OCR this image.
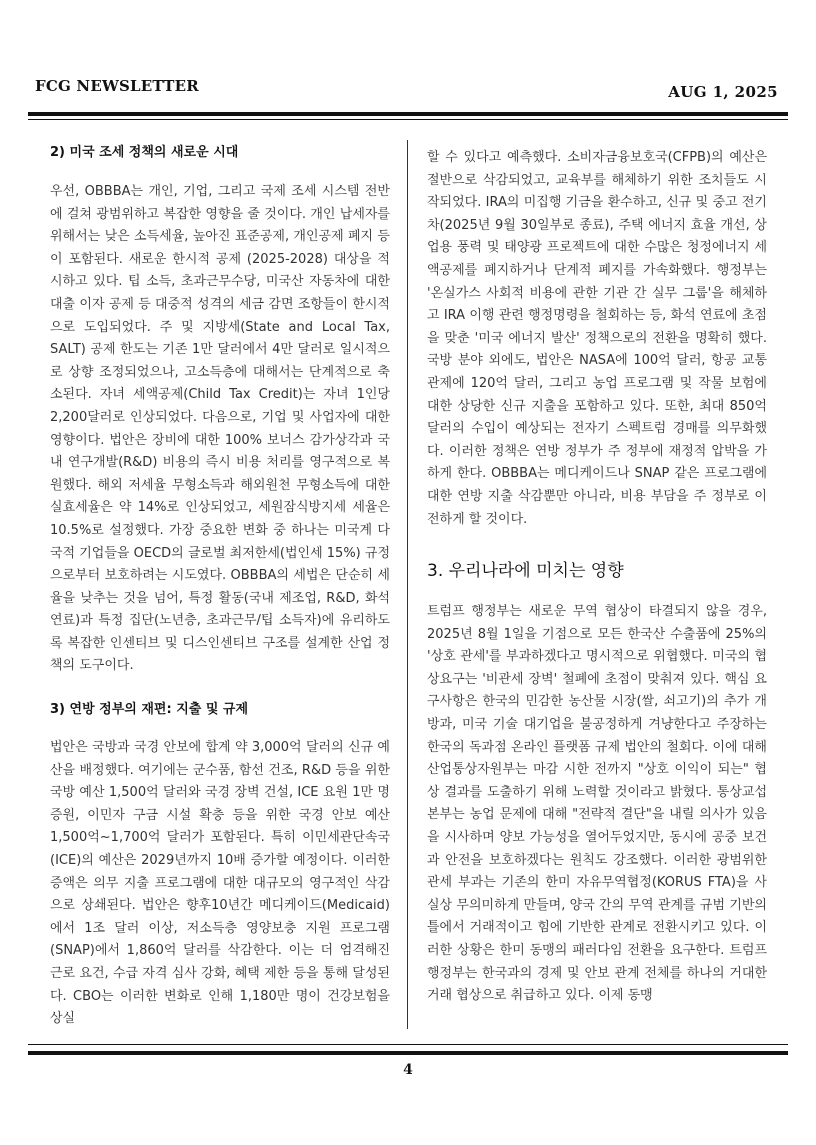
FCG NEWSLETTER	AUG 1, 2025

2) 미국 조세 정책의 새로운 시대

우선, OBBBA는 개인, 기업, 그리고 국제 조세 시스템 전반에 걸쳐 광범위하고 복잡한 영향을 줄 것이다. 개인 납세자를 위해서는 낮은 소득세율, 높아진 표준공제, 개인공제 폐지 등이 포함된다. 새로운 한시적 공제 (2025-2028) 대상을 적시하고 있다. 팁 소득, 초과근무수당, 미국산 자동차에 대한 대출 이자 공제 등 대중적 성격의 세금 감면 조항들이 한시적으로 도입되었다. 주 및 지방세(State and Local Tax, SALT) 공제 한도는 기존 1만 달러에서 4만 달러로 일시적으로 상향 조정되었으나, 고소득층에 대해서는 단계적으로 축소된다. 자녀 세액공제(Child Tax Credit)는 자녀 1인당 2,200달러로 인상되었다. 다음으로, 기업 및 사업자에 대한 영향이다. 법안은 장비에 대한 100% 보너스 감가상각과 국내 연구개발(R&D) 비용의 즉시 비용 처리를 영구적으로 복원했다. 해외 저세율 무형소득과 해외원천 무형소득에 대한 실효세율은 약 14%로 인상되었고, 세원잠식방지세 세율은 10.5%로 설정했다. 가장 중요한 변화 중 하나는 미국계 다국적 기업들을 OECD의 글로벌 최저한세(법인세 15%) 규정으로부터 보호하려는 시도였다. OBBBA의 세법은 단순히 세율을 낮추는 것을 넘어, 특정 활동(국내 제조업, R&D, 화석 연료)과 특정 집단(노년층, 초과근무/팁 소득자)에 유리하도록 복잡한 인센티브 및 디스인센티브 구조를 설계한 산업 정책의 도구이다.

3) 연방 정부의 재편: 지출 및 규제

법안은 국방과 국경 안보에 합계 약 3,000억 달러의 신규 예산을 배정했다. 여기에는 군수품, 함선 건조, R&D 등을 위한 국방 예산 1,500억 달러와 국경 장벽 건설, ICE 요원 1만 명 증원, 이민자 구금 시설 확충 등을 위한 국경 안보 예산 1,500억~1,700억 달러가 포함된다. 특히 이민세관단속국(ICE)의 예산은 2029년까지 10배 증가할 예정이다. 이러한 증액은 의무 지출 프로그램에 대한 대규모의 영구적인 삭감으로 상쇄된다. 법안은 향후10년간 메디케이드(Medicaid)에서 1조 달러 이상, 저소득층 영양보충 지원 프로그램(SNAP)에서 1,860억 달러를 삭감한다. 이는 더 엄격해진 근로 요건, 수급 자격 심사 강화, 혜택 제한 등을 통해 달성된다. CBO는 이러한 변화로 인해 1,180만 명이 건강보험을 상실

할 수 있다고 예측했다. 소비자금융보호국(CFPB)의 예산은 절반으로 삭감되었고, 교육부를 해체하기 위한 조치들도 시작되었다. IRA의 미집행 기금을 환수하고, 신규 및 중고 전기차(2025년 9월 30일부로 종료), 주택 에너지 효율 개선, 상업용 풍력 및 태양광 프로젝트에 대한 수많은 청정에너지 세액공제를 폐지하거나 단계적 폐지를 가속화했다. 행정부는 '온실가스 사회적 비용에 관한 기관 간 실무 그룹'을 해체하고 IRA 이행 관련 행정명령을 철회하는 등, 화석 연료에 초점을 맞춘 '미국 에너지 발산' 정책으로의 전환을 명확히 했다. 국방 분야 외에도, 법안은 NASA에 100억 달러, 항공 교통 관제에 120억 달러, 그리고 농업 프로그램 및 작물 보험에 대한 상당한 신규 지출을 포함하고 있다. 또한, 최대 850억 달러의 수입이 예상되는 전자기 스펙트럼 경매를 의무화했다. 이러한 정책은 연방 정부가 주 정부에 재정적 압박을 가하게 한다. OBBBA는 메디케이드나 SNAP 같은 프로그램에 대한 연방 지출 삭감뿐만 아니라, 비용 부담을 주 정부로 이전하게 할 것이다.

3. 우리나라에 미치는 영향

트럼프 행정부는 새로운 무역 협상이 타결되지 않을 경우, 2025년 8월 1일을 기점으로 모든 한국산 수출품에 25%의 '상호 관세'를 부과하겠다고 명시적으로 위협했다. 미국의 협상요구는 '비관세 장벽' 철폐에 초점이 맞춰져 있다. 핵심 요구사항은 한국의 민감한 농산물 시장(쌀, 쇠고기)의 추가 개방과, 미국 기술 대기업을 불공정하게 겨냥한다고 주장하는 한국의 독과점 온라인 플랫폼 규제 법안의 철회다. 이에 대해 산업통상자원부는 마감 시한 전까지 "상호 이익이 되는" 협상 결과를 도출하기 위해 노력할 것이라고 밝혔다. 통상교섭본부는 농업 문제에 대해 "전략적 결단"을 내릴 의사가 있음을 시사하며 양보 가능성을 열어두었지만, 동시에 공중 보건과 안전을 보호하겠다는 원칙도 강조했다. 이러한 광범위한 관세 부과는 기존의 한미 자유무역협정(KORUS FTA)을 사실상 무의미하게 만들며, 양국 간의 무역 관계를 규범 기반의 틀에서 거래적이고 힘에 기반한 관계로 전환시키고 있다. 이러한 상황은 한미 동맹의 패러다임 전환을 요구한다. 트럼프 행정부는 한국과의 경제 및 안보 관계 전체를 하나의 거대한 거래 협상으로 취급하고 있다. 이제 동맹

4
